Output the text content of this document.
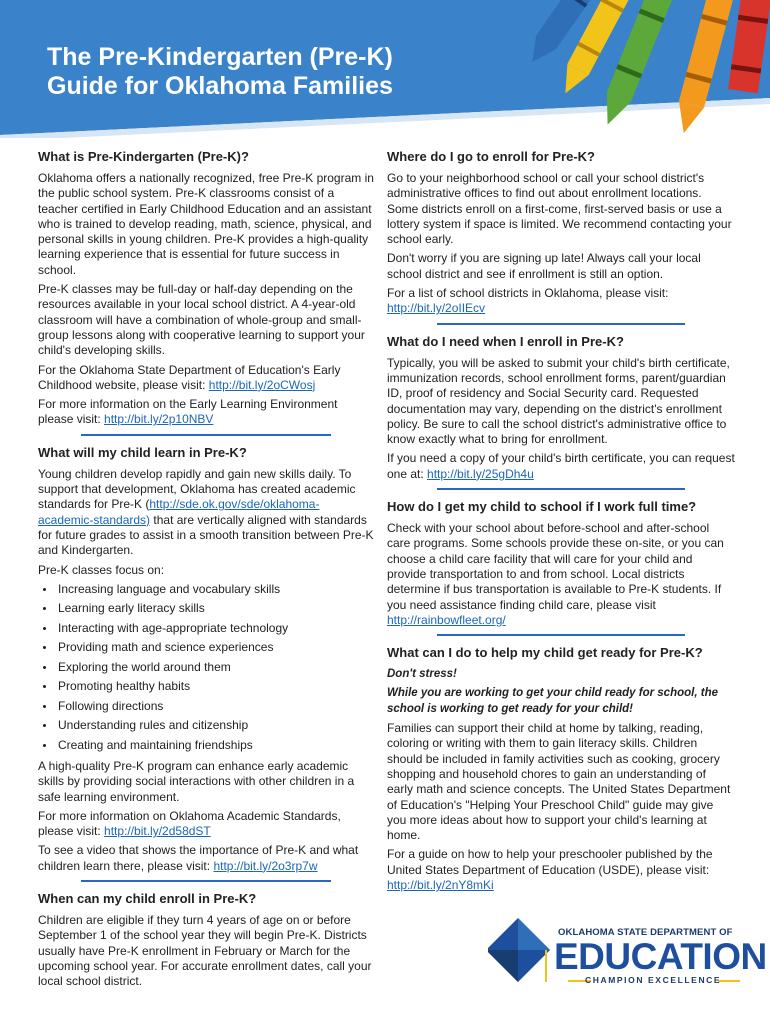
The Pre-Kindergarten (Pre-K)
Guide for Oklahoma Families
What is Pre-Kindergarten (Pre-K)?

Oklahoma offers a nationally recognized, free Pre-K program in the public school system. Pre-K classrooms consist of a teacher certified in Early Childhood Education and an assistant who is trained to develop reading, math, science, physical, and personal skills in young children. Pre-K provides a high-quality learning experience that is essential for future success in school.

Pre-K classes may be full-day or half-day depending on the resources available in your local school district. A 4-year-old classroom will have a combination of whole-group and small-group lessons along with cooperative learning to support your child's developing skills.

For the Oklahoma State Department of Education's Early Childhood website, please visit: http://bit.ly/2oCWosj

For more information on the Early Learning Environment please visit: http://bit.ly/2p10NBV

What will my child learn in Pre-K?

Young children develop rapidly and gain new skills daily. To support that development, Oklahoma has created academic standards for Pre-K (http://sde.ok.gov/sde/oklahoma-academic-standards) that are vertically aligned with standards for future grades to assist in a smooth transition between Pre-K and Kindergarten.

Pre-K classes focus on:

• Increasing language and vocabulary skills
• Learning early literacy skills
• Interacting with age-appropriate technology
• Providing math and science experiences
• Exploring the world around them
• Promoting healthy habits
• Following directions
• Understanding rules and citizenship
• Creating and maintaining friendships

A high-quality Pre-K program can enhance early academic skills by providing social interactions with other children in a safe learning environment.

For more information on Oklahoma Academic Standards, please visit: http://bit.ly/2d58dST

To see a video that shows the importance of Pre-K and what children learn there, please visit: http://bit.ly/2o3rp7w

When can my child enroll in Pre-K?

Children are eligible if they turn 4 years of age on or before September 1 of the school year they will begin Pre-K. Districts usually have Pre-K enrollment in February or March for the upcoming school year. For accurate enrollment dates, call your local school district.

Where do I go to enroll for Pre-K?

Go to your neighborhood school or call your school district's administrative offices to find out about enrollment locations. Some districts enroll on a first-come, first-served basis or use a lottery system if space is limited. We recommend contacting your school early.

Don't worry if you are signing up late! Always call your local school district and see if enrollment is still an option.

For a list of school districts in Oklahoma, please visit: http://bit.ly/2oIIEcv

What do I need when I enroll in Pre-K?

Typically, you will be asked to submit your child's birth certificate, immunization records, school enrollment forms, parent/guardian ID, proof of residency and Social Security card. Requested documentation may vary, depending on the district's enrollment policy. Be sure to call the school district's administrative office to know exactly what to bring for enrollment.

If you need a copy of your child's birth certificate, you can request one at: http://bit.ly/25gDh4u

How do I get my child to school if I work full time?

Check with your school about before-school and after-school care programs. Some schools provide these on-site, or you can choose a child care facility that will care for your child and provide transportation to and from school. Local districts determine if bus transportation is available to Pre-K students. If you need assistance finding child care, please visit http://rainbowfleet.org/

What can I do to help my child get ready for Pre-K?

Don't stress!

While you are working to get your child ready for school, the school is working to get ready for your child!

Families can support their child at home by talking, reading, coloring or writing with them to gain literacy skills. Children should be included in family activities such as cooking, grocery shopping and household chores to gain an understanding of early math and science concepts. The United States Department of Education's "Helping Your Preschool Child" guide may give you more ideas about how to support your child's learning at home.

For a guide on how to help your preschooler published by the United States Department of Education (USDE), please visit: http://bit.ly/2nY8mKi

OKLAHOMA STATE DEPARTMENT OF
EDUCATION
CHAMPION EXCELLENCE
